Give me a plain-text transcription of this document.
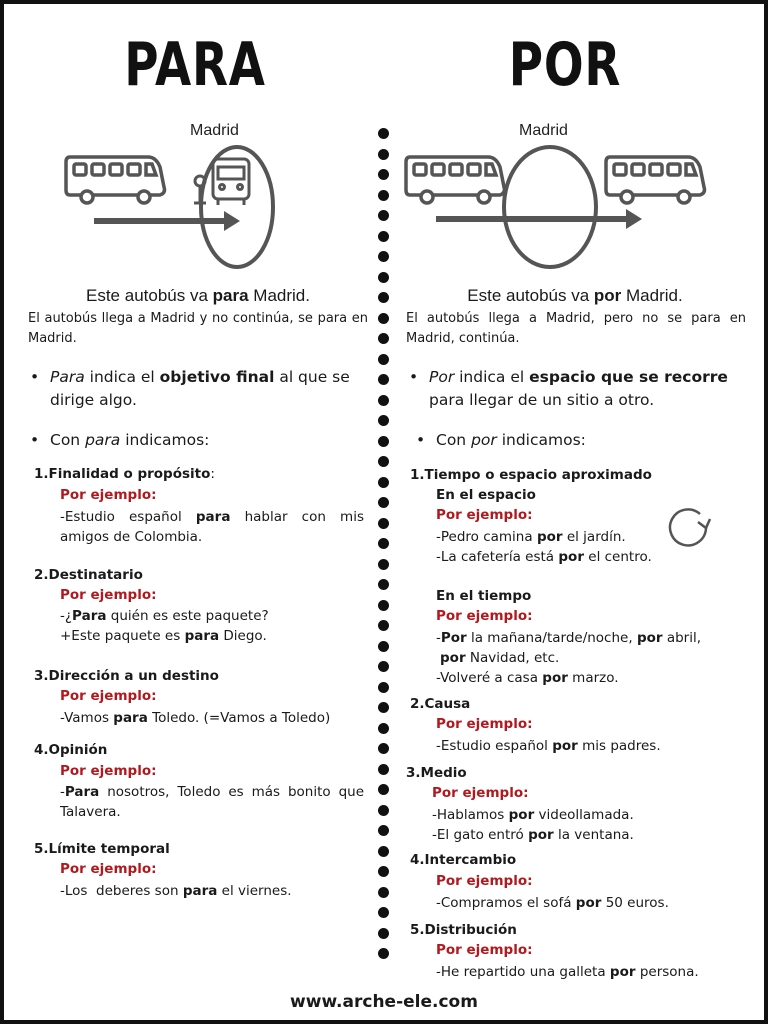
PARA	POR
Madrid	Madrid
Este autobús va para Madrid.	Este autobús va por Madrid.
El autobús llega a Madrid y no continúa, se para en Madrid.
El autobús llega a Madrid, pero no se para en Madrid, continúa.
• Para indica el objetivo final al que se dirige algo.
• Con para indicamos:
• Por indica el espacio que se recorre para llegar de un sitio a otro.
• Con por indicamos:
1.Finalidad o propósito:
Por ejemplo:
-Estudio español para hablar con mis amigos de Colombia.
2.Destinatario
Por ejemplo:
-¿Para quién es este paquete?
+Este paquete es para Diego.
3.Dirección a un destino
Por ejemplo:
-Vamos para Toledo. (=Vamos a Toledo)
4.Opinión
Por ejemplo:
-Para nosotros, Toledo es más bonito que Talavera.
5.Límite temporal
Por ejemplo:
-Los  deberes son para el viernes.
1.Tiempo o espacio aproximado
En el espacio
Por ejemplo:
-Pedro camina por el jardín.
-La cafetería está por el centro.
En el tiempo
Por ejemplo:
-Por la mañana/tarde/noche, por abril,
por Navidad, etc.
-Volveré a casa por marzo.
2.Causa
Por ejemplo:
-Estudio español por mis padres.
3.Medio
Por ejemplo:
-Hablamos por videollamada.
-El gato entró por la ventana.
4.Intercambio
Por ejemplo:
-Compramos el sofá por 50 euros.
5.Distribución
Por ejemplo:
-He repartido una galleta por persona.
www.arche-ele.com
